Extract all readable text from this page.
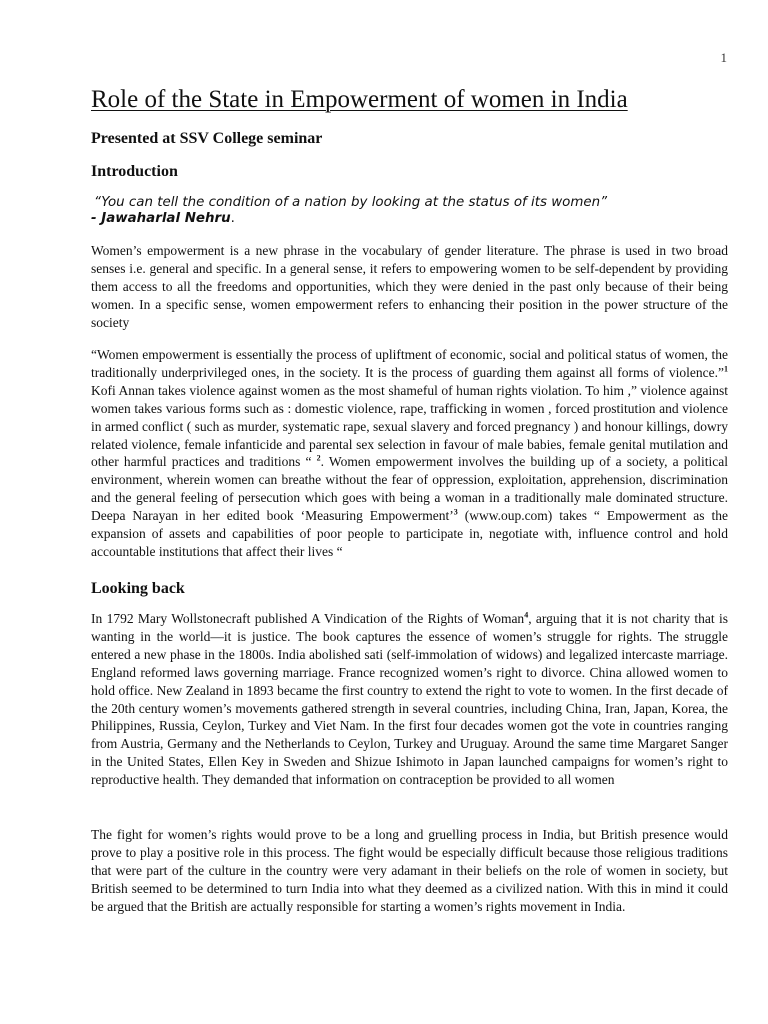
1
Role of the State in Empowerment of women in India
Presented at SSV College seminar
Introduction
“You can tell the condition of a nation by looking at the status of its women”
- Jawaharlal Nehru.

Women’s empowerment is a new phrase in the vocabulary of gender literature. The phrase is used in two broad senses i.e. general and specific. In a general sense, it refers to empowering women to be self-dependent by providing them access to all the freedoms and opportunities, which they were denied in the past only because of their being women. In a specific sense, women empowerment refers to enhancing their position in the power structure of the society

“Women empowerment is essentially the process of upliftment of economic, social and political status of women, the traditionally underprivileged ones, in the society. It is the process of guarding them against all forms of violence.”$^1$ Kofi Annan takes violence against women as the most shameful of human rights violation. To him ,” violence against women takes various forms such as : domestic violence, rape, trafficking in women , forced prostitution and violence in armed conflict ( such as murder, systematic rape, sexual slavery and forced pregnancy ) and honour killings, dowry related violence, female infanticide and parental sex selection in favour of male babies, female genital mutilation and other harmful practices and traditions “ $^2$. Women empowerment involves the building up of a society, a political environment, wherein women can breathe without the fear of oppression, exploitation, apprehension, discrimination and the general feeling of persecution which goes with being a woman in a traditionally male dominated structure. Deepa Narayan in her edited book ‘Measuring Empowerment’$^3$ (www.oup.com) takes “ Empowerment as the expansion of assets and capabilities of poor people to participate in, negotiate with, influence control and hold accountable institutions that affect their lives “

Looking back

In 1792 Mary Wollstonecraft published A Vindication of the Rights of Woman$^4$, arguing that it is not charity that is wanting in the world—it is justice. The book captures the essence of women’s struggle for rights. The struggle entered a new phase in the 1800s. India abolished sati (self-immolation of widows) and legalized intercaste marriage. England reformed laws governing marriage. France recognized women’s right to divorce. China allowed women to hold office. New Zealand in 1893 became the first country to extend the right to vote to women. In the first decade of the 20th century women’s movements gathered strength in several countries, including China, Iran, Japan, Korea, the Philippines, Russia, Ceylon, Turkey and Viet Nam. In the first four decades women got the vote in countries ranging from Austria, Germany and the Netherlands to Ceylon, Turkey and Uruguay. Around the same time Margaret Sanger in the United States, Ellen Key in Sweden and Shizue Ishimoto in Japan launched campaigns for women’s right to reproductive health. They demanded that information on contraception be provided to all women

The fight for women’s rights would prove to be a long and gruelling process in India, but British presence would prove to play a positive role in this process. The fight would be especially difficult because those religious traditions that were part of the culture in the country were very adamant in their beliefs on the role of women in society, but British seemed to be determined to turn India into what they deemed as a civilized nation. With this in mind it could be argued that the British are actually responsible for starting a women’s rights movement in India.
